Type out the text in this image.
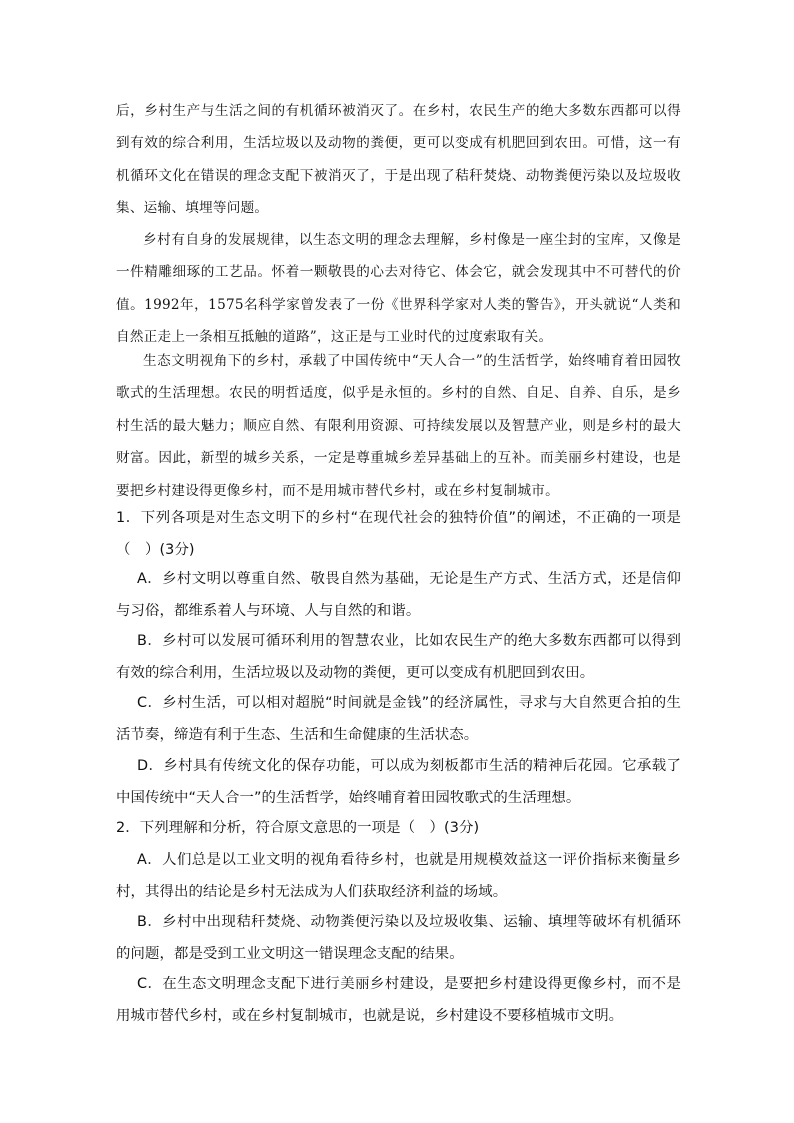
后，乡村生产与生活之间的有机循环被消灭了。在乡村，农民生产的绝大多数东西都可以得到有效的综合利用，生活垃圾以及动物的粪便，更可以变成有机肥回到农田。可惜，这一有机循环文化在错误的理念支配下被消灭了，于是出现了秸秆焚烧、动物粪便污染以及垃圾收集、运输、填埋等问题。

乡村有自身的发展规律，以生态文明的理念去理解，乡村像是一座尘封的宝库，又像是一件精雕细琢的工艺品。怀着一颗敬畏的心去对待它、体会它，就会发现其中不可替代的价值。1992年，1575名科学家曾发表了一份《世界科学家对人类的警告》，开头就说“人类和自然正走上一条相互抵触的道路”，这正是与工业时代的过度索取有关。

生态文明视角下的乡村，承载了中国传统中“天人合一”的生活哲学，始终哺育着田园牧歌式的生活理想。农民的明哲适度，似乎是永恒的。乡村的自然、自足、自养、自乐，是乡村生活的最大魅力；顺应自然、有限利用资源、可持续发展以及智慧产业，则是乡村的最大财富。因此，新型的城乡关系，一定是尊重城乡差异基础上的互补。而美丽乡村建设，也是要把乡村建设得更像乡村，而不是用城市替代乡村，或在乡村复制城市。

1．下列各项是对生态文明下的乡村“在现代社会的独特价值”的阐述，不正确的一项是（　）(3分)

A．乡村文明以尊重自然、敬畏自然为基础，无论是生产方式、生活方式，还是信仰与习俗，都维系着人与环境、人与自然的和谐。

B．乡村可以发展可循环利用的智慧农业，比如农民生产的绝大多数东西都可以得到有效的综合利用，生活垃圾以及动物的粪便，更可以变成有机肥回到农田。

C．乡村生活，可以相对超脱“时间就是金钱”的经济属性，寻求与大自然更合拍的生活节奏，缔造有利于生态、生活和生命健康的生活状态。

D．乡村具有传统文化的保存功能，可以成为刻板都市生活的精神后花园。它承载了中国传统中“天人合一”的生活哲学，始终哺育着田园牧歌式的生活理想。

2．下列理解和分析，符合原文意思的一项是（　）(3分)

A．人们总是以工业文明的视角看待乡村，也就是用规模效益这一评价指标来衡量乡村，其得出的结论是乡村无法成为人们获取经济利益的场域。

B．乡村中出现秸秆焚烧、动物粪便污染以及垃圾收集、运输、填埋等破坏有机循环的问题，都是受到工业文明这一错误理念支配的结果。

C．在生态文明理念支配下进行美丽乡村建设，是要把乡村建设得更像乡村，而不是用城市替代乡村，或在乡村复制城市，也就是说，乡村建设不要移植城市文明。
